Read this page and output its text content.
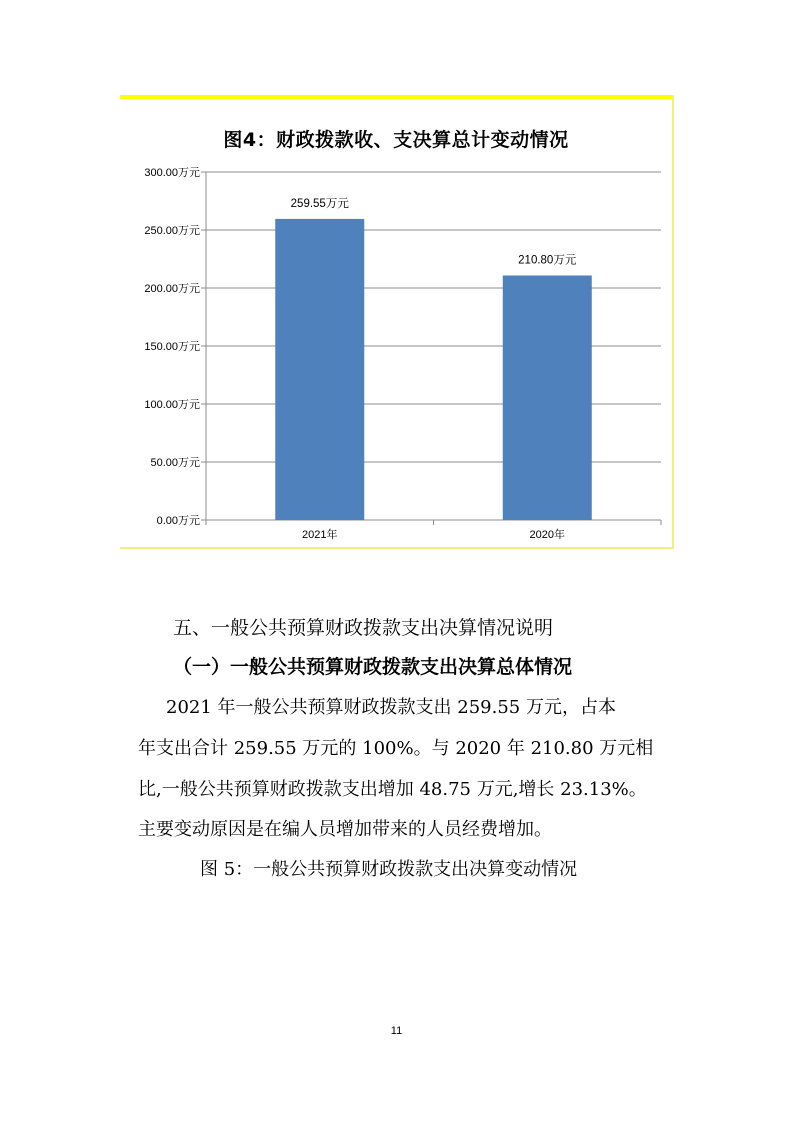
图4：财政拨款收、支决算总计变动情况
0.00万元
50.00万元
100.00万元
150.00万元
200.00万元
250.00万元
300.00万元
259.55万元
2021年
210.80万元
2020年
五、一般公共预算财政拨款支出决算情况说明
（一）一般公共预算财政拨款支出决算总体情况
2021 年一般公共预算财政拨款支出 259.55 万元，占本
年支出合计 259.55 万元的 100%。与 2020 年 210.80 万元相
比,一般公共预算财政拨款支出增加 48.75 万元,增长 23.13%。
主要变动原因是在编人员增加带来的人员经费增加。
图 5：一般公共预算财政拨款支出决算变动情况
11
